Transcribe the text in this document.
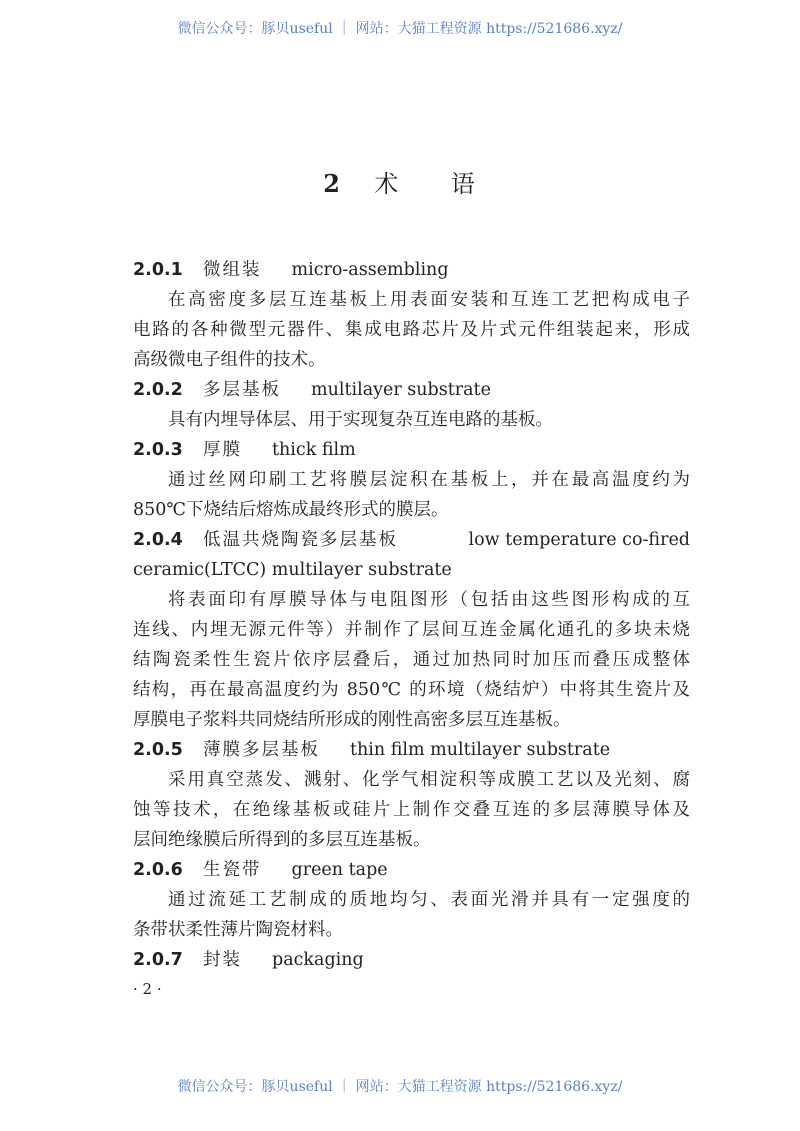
微信公众号：豚贝useful ｜ 网站：大猫工程资源 https://521686.xyz/
2 术 语
2.0.1 微组装 micro-assembling
在高密度多层互连基板上用表面安装和互连工艺把构成电子
电路的各种微型元器件、集成电路芯片及片式元件组装起来，形成
高级微电子组件的技术。
2.0.2 多层基板 multilayer substrate
具有内埋导体层、用于实现复杂互连电路的基板。
2.0.3 厚膜 thick film
通过丝网印刷工艺将膜层淀积在基板上，并在最高温度约为
850℃下烧结后熔炼成最终形式的膜层。
2.0.4	低温共烧陶瓷多层基板	low temperature co-fired
ceramic(LTCC) multilayer substrate
将表面印有厚膜导体与电阻图形（包括由这些图形构成的互
连线、内埋无源元件等）并制作了层间互连金属化通孔的多块未烧
结陶瓷柔性生瓷片依序层叠后，通过加热同时加压而叠压成整体
结构，再在最高温度约为 850℃ 的环境（烧结炉）中将其生瓷片及
厚膜电子浆料共同烧结所形成的刚性高密多层互连基板。
2.0.5 薄膜多层基板 thin film multilayer substrate
采用真空蒸发、溅射、化学气相淀积等成膜工艺以及光刻、腐
蚀等技术，在绝缘基板或硅片上制作交叠互连的多层薄膜导体及
层间绝缘膜后所得到的多层互连基板。
2.0.6 生瓷带 green tape
通过流延工艺制成的质地均匀、表面光滑并具有一定强度的
条带状柔性薄片陶瓷材料。
2.0.7 封装 packaging
· 2 ·
微信公众号：豚贝useful ｜ 网站：大猫工程资源 https://521686.xyz/
